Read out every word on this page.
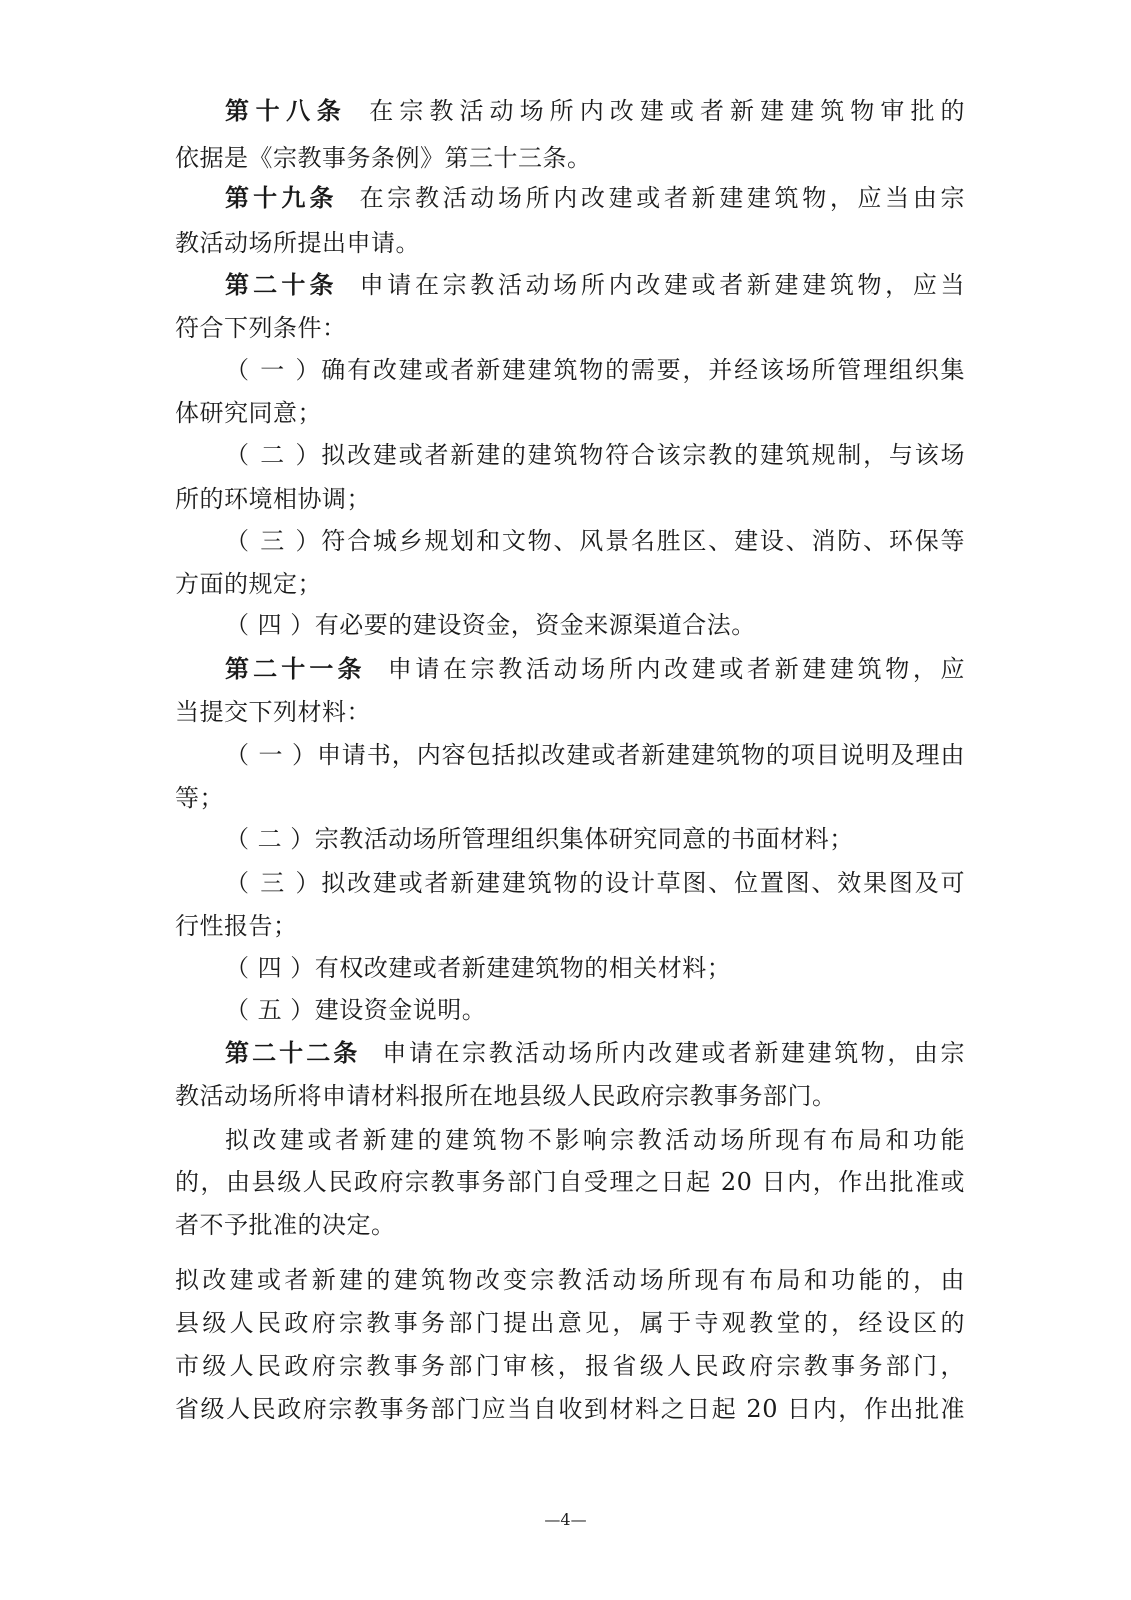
第十八条 在宗教活动场所内改建或者新建建筑物审批的
依据是《宗教事务条例》第三十三条。
第十九条 在宗教活动场所内改建或者新建建筑物，应当由宗
教活动场所提出申请。
第二十条 申请在宗教活动场所内改建或者新建建筑物，应当
符合下列条件：
（ 一 ）确有改建或者新建建筑物的需要，并经该场所管理组织集
体研究同意；
（ 二 ）拟改建或者新建的建筑物符合该宗教的建筑规制，与该场
所的环境相协调；
（ 三 ）符合城乡规划和文物、风景名胜区、建设、消防、环保等
方面的规定；
（ 四 ）有必要的建设资金，资金来源渠道合法。
第二十一条 申请在宗教活动场所内改建或者新建建筑物，应
当提交下列材料：
（ 一 ）申请书，内容包括拟改建或者新建建筑物的项目说明及理由
等；
（ 二 ）宗教活动场所管理组织集体研究同意的书面材料；
（ 三 ）拟改建或者新建建筑物的设计草图、位置图、效果图及可
行性报告；
（ 四 ）有权改建或者新建建筑物的相关材料；
（ 五 ）建设资金说明。
第二十二条 申请在宗教活动场所内改建或者新建建筑物，由宗
教活动场所将申请材料报所在地县级人民政府宗教事务部门。
拟改建或者新建的建筑物不影响宗教活动场所现有布局和功能
的，由县级人民政府宗教事务部门自受理之日起 20 日内，作出批准或
者不予批准的决定。
拟改建或者新建的建筑物改变宗教活动场所现有布局和功能的，由
县级人民政府宗教事务部门提出意见，属于寺观教堂的，经设区的
市级人民政府宗教事务部门审核，报省级人民政府宗教事务部门，
省级人民政府宗教事务部门应当自收到材料之日起 20 日内，作出批准
—4—
